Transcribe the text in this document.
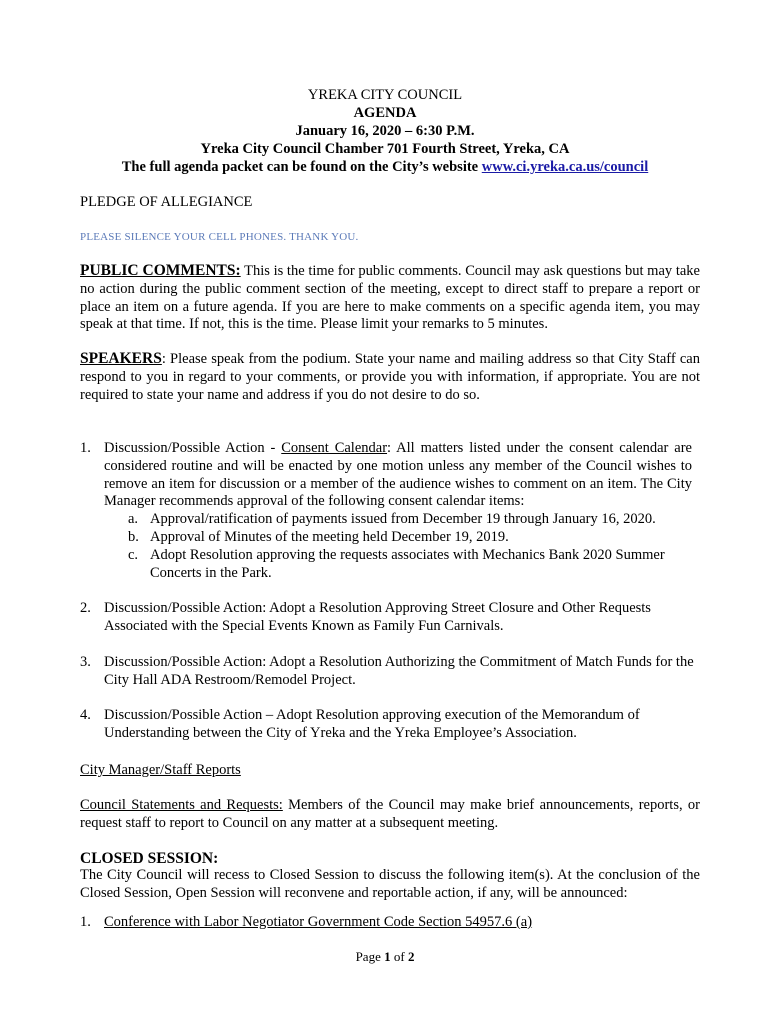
YREKA CITY COUNCIL
AGENDA
January 16, 2020 – 6:30 P.M.
Yreka City Council Chamber 701 Fourth Street, Yreka, CA
The full agenda packet can be found on the City’s website www.ci.yreka.ca.us/council
PLEDGE OF ALLEGIANCE
PLEASE SILENCE YOUR CELL PHONES. THANK YOU.
PUBLIC COMMENTS: This is the time for public comments. Council may ask questions but may take no action during the public comment section of the meeting, except to direct staff to prepare a report or place an item on a future agenda. If you are here to make comments on a specific agenda item, you may speak at that time. If not, this is the time. Please limit your remarks to 5 minutes.
SPEAKERS: Please speak from the podium. State your name and mailing address so that City Staff can respond to you in regard to your comments, or provide you with information, if appropriate. You are not required to state your name and address if you do not desire to do so.
1. Discussion/Possible Action - Consent Calendar: All matters listed under the consent calendar are considered routine and will be enacted by one motion unless any member of the Council wishes to remove an item for discussion or a member of the audience wishes to comment on an item. The City Manager recommends approval of the following consent calendar items:
a. Approval/ratification of payments issued from December 19 through January 16, 2020.
b. Approval of Minutes of the meeting held December 19, 2019.
c. Adopt Resolution approving the requests associates with Mechanics Bank 2020 Summer Concerts in the Park.
2. Discussion/Possible Action: Adopt a Resolution Approving Street Closure and Other Requests Associated with the Special Events Known as Family Fun Carnivals.
3. Discussion/Possible Action: Adopt a Resolution Authorizing the Commitment of Match Funds for the City Hall ADA Restroom/Remodel Project.
4. Discussion/Possible Action – Adopt Resolution approving execution of the Memorandum of Understanding between the City of Yreka and the Yreka Employee’s Association.
City Manager/Staff Reports
Council Statements and Requests: Members of the Council may make brief announcements, reports, or request staff to report to Council on any matter at a subsequent meeting.
CLOSED SESSION:
The City Council will recess to Closed Session to discuss the following item(s). At the conclusion of the Closed Session, Open Session will reconvene and reportable action, if any, will be announced:
1. Conference with Labor Negotiator Government Code Section 54957.6 (a)
Page 1 of 2
